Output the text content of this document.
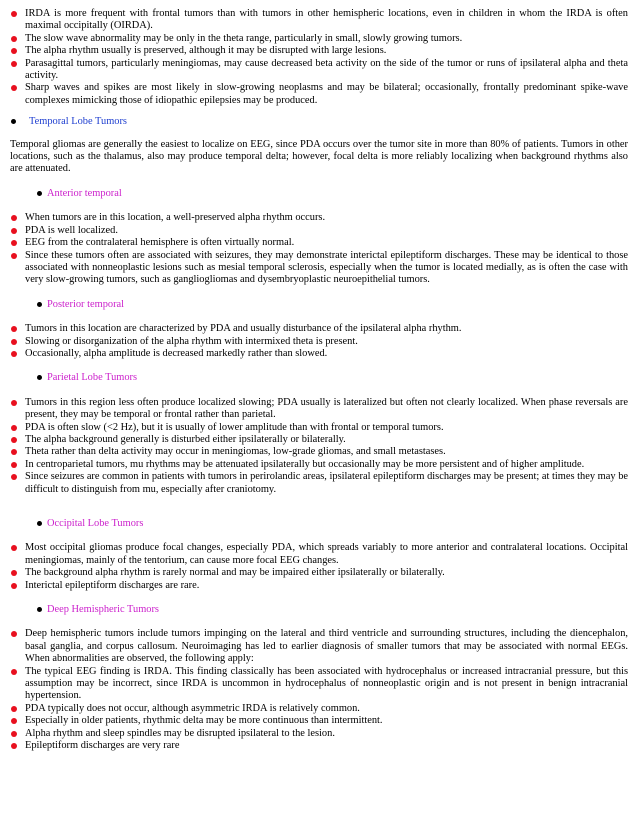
IRDA is more frequent with frontal tumors than with tumors in other hemispheric locations, even in children in whom the IRDA is often maximal occipitally (OIRDA).
The slow wave abnormality may be only in the theta range, particularly in small, slowly growing tumors.
The alpha rhythm usually is preserved, although it may be disrupted with large lesions.
Parasagittal tumors, particularly meningiomas, may cause decreased beta activity on the side of the tumor or runs of ipsilateral alpha and theta activity.
Sharp waves and spikes are most likely in slow-growing neoplasms and may be bilateral; occasionally, frontally predominant spike-wave complexes mimicking those of idiopathic epilepsies may be produced.
Temporal Lobe Tumors

Temporal gliomas are generally the easiest to localize on EEG, since PDA occurs over the tumor site in more than 80% of patients. Tumors in other locations, such as the thalamus, also may produce temporal delta; however, focal delta is more reliably localizing when background rhythms also are attenuated.

Anterior temporal
When tumors are in this location, a well-preserved alpha rhythm occurs.
PDA is well localized.
EEG from the contralateral hemisphere is often virtually normal.
Since these tumors often are associated with seizures, they may demonstrate interictal epileptiform discharges. These may be identical to those associated with nonneoplastic lesions such as mesial temporal sclerosis, especially when the tumor is located medially, as is often the case with very slow-growing tumors, such as gangliogliomas and dysembryoplastic neuroepithelial tumors.
Posterior temporal
Tumors in this location are characterized by PDA and usually disturbance of the ipsilateral alpha rhythm.
Slowing or disorganization of the alpha rhythm with intermixed theta is present.
Occasionally, alpha amplitude is decreased markedly rather than slowed.
Parietal Lobe Tumors
Tumors in this region less often produce localized slowing; PDA usually is lateralized but often not clearly localized. When phase reversals are present, they may be temporal or frontal rather than parietal.
PDA is often slow (<2 Hz), but it is usually of lower amplitude than with frontal or temporal tumors.
The alpha background generally is disturbed either ipsilaterally or bilaterally.
Theta rather than delta activity may occur in meningiomas, low-grade gliomas, and small metastases.
In centroparietal tumors, mu rhythms may be attenuated ipsilaterally but occasionally may be more persistent and of higher amplitude.
Since seizures are common in patients with tumors in perirolandic areas, ipsilateral epileptiform discharges may be present; at times they may be difficult to distinguish from mu, especially after craniotomy.
Occipital Lobe Tumors
Most occipital gliomas produce focal changes, especially PDA, which spreads variably to more anterior and contralateral locations. Occipital meningiomas, mainly of the tentorium, can cause more focal EEG changes.
The background alpha rhythm is rarely normal and may be impaired either ipsilaterally or bilaterally.
Interictal epileptiform discharges are rare.
Deep Hemispheric Tumors
Deep hemispheric tumors include tumors impinging on the lateral and third ventricle and surrounding structures, including the diencephalon, basal ganglia, and corpus callosum. Neuroimaging has led to earlier diagnosis of smaller tumors that may be associated with normal EEGs. When abnormalities are observed, the following apply:
The typical EEG finding is IRDA. This finding classically has been associated with hydrocephalus or increased intracranial pressure, but this assumption may be incorrect, since IRDA is uncommon in hydrocephalus of nonneoplastic origin and is not present in benign intracranial hypertension.
PDA typically does not occur, although asymmetric IRDA is relatively common.
Especially in older patients, rhythmic delta may be more continuous than intermittent.
Alpha rhythm and sleep spindles may be disrupted ipsilateral to the lesion.
Epileptiform discharges are very rare
